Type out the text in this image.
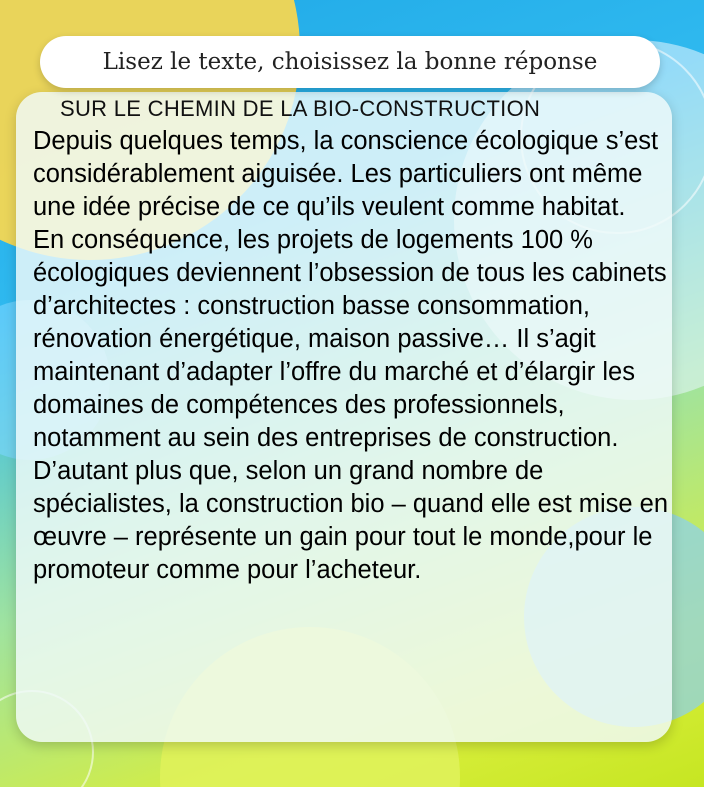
Lisez le texte, choisissez la bonne réponse
SUR LE CHEMIN DE LA BIO-CONSTRUCTION

Depuis quelques temps, la conscience écologique s’est considérablement aiguisée. Les particuliers ont même une idée précise de ce qu’ils veulent comme habitat.

En conséquence, les projets de logements 100 % écologiques deviennent l’obsession de tous les cabinets d’architectes : construction basse consommation, rénovation énergétique, maison passive… Il s’agit maintenant d’adapter l’offre du marché et d’élargir les domaines de compétences des professionnels, notamment au sein des entreprises de construction.

D’autant plus que, selon un grand nombre de spécialistes, la construction bio – quand elle est mise en œuvre – représente un gain pour tout le monde,pour le promoteur comme pour l’acheteur.
